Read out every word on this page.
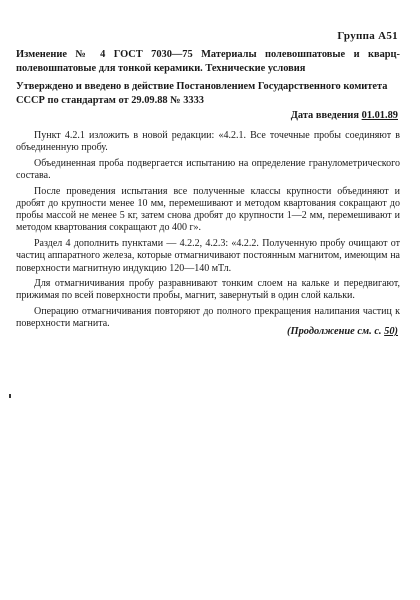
Группа А51
Изменение № 4 ГОСТ 7030—75 Материалы полевошпатовые и кварц-полевошпатовые для тонкой керамики. Технические условия
Утверждено и введено в действие Постановлением Государственного комитета СССР по стандартам от 29.09.88 № 3333
Дата введения 01.01.89

Пункт 4.2.1 изложить в новой редакции: «4.2.1. Все точечные пробы соединяют в объединенную пробу.

Объединенная проба подвергается испытанию на определение гранулометрического состава.

После проведения испытания все полученные классы крупности объединяют и дробят до крупности менее 10 мм, перемешивают и методом квартования сокращают до пробы массой не менее 5 кг, затем снова дробят до крупности 1—2 мм, перемешивают и методом квартования сокращают до 400 г».

Раздел 4 дополнить пунктами — 4.2.2, 4.2.3: «4.2.2. Полученную пробу очищают от частиц аппаратного железа, которые отмагничивают постоянным магнитом, имеющим на поверхности магнитную индукцию 120—140 мТл.

Для отмагничивания пробу разравнивают тонким слоем на кальке и передвигают, прижимая по всей поверхности пробы, магнит, завернутый в один слой кальки.

Операцию отмагничивания повторяют до полного прекращения налипания частиц к поверхности магнита.

(Продолжение см. с. 50)
